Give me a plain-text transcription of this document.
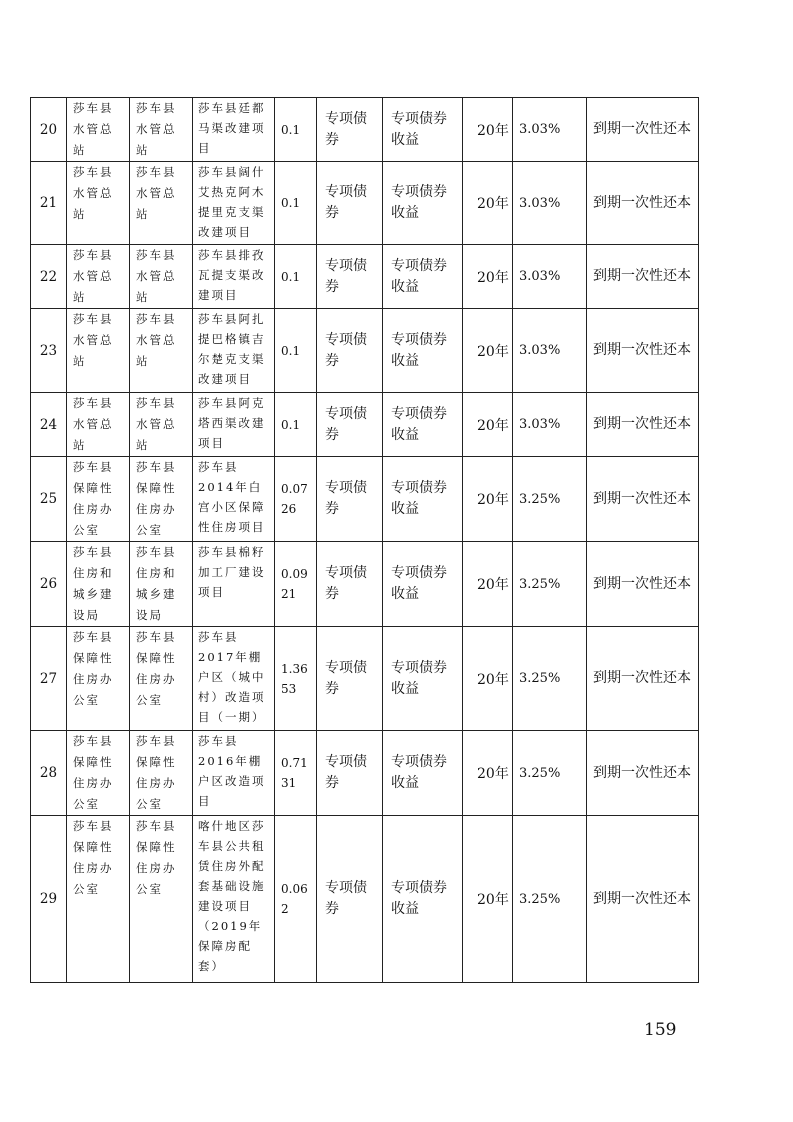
20	莎车县水管总站	莎车县水管总站	莎车县廷都马渠改建项目	0.1	专项债券	专项债券收益	20年	3.03%	到期一次性还本

21	莎车县水管总站	莎车县水管总站	莎车县阔什艾热克阿木提里克支渠改建项目	0.1	专项债券	专项债券收益	20年	3.03%	到期一次性还本

22	莎车县水管总站	莎车县水管总站	莎车县排孜瓦提支渠改建项目	0.1	专项债券	专项债券收益	20年	3.03%	到期一次性还本

23	莎车县水管总站	莎车县水管总站	莎车县阿扎提巴格镇吉尔楚克支渠改建项目	0.1	专项债券	专项债券收益	20年	3.03%	到期一次性还本

24	莎车县水管总站	莎车县水管总站	莎车县阿克塔西渠改建项目	0.1	专项债券	专项债券收益	20年	3.03%	到期一次性还本

25	莎车县保障性住房办公室	莎车县保障性住房办公室	莎车县2014年白宫小区保障性住房项目	0.0726	专项债券	专项债券收益	20年	3.25%	到期一次性还本

26	莎车县住房和城乡建设局	莎车县住房和城乡建设局	莎车县棉籽加工厂建设项目	0.0921	专项债券	专项债券收益	20年	3.25%	到期一次性还本

27	莎车县保障性住房办公室	莎车县保障性住房办公室	莎车县2017年棚户区（城中村）改造项目（一期）	1.3653	专项债券	专项债券收益	20年	3.25%	到期一次性还本

28	莎车县保障性住房办公室	莎车县保障性住房办公室	莎车县2016年棚户区改造项目	0.7131	专项债券	专项债券收益	20年	3.25%	到期一次性还本

29	莎车县保障性住房办公室	莎车县保障性住房办公室	喀什地区莎车县公共租赁住房外配套基础设施建设项目（2019年保障房配套）	0.062	专项债券	专项债券收益	20年	3.25%	到期一次性还本
159
